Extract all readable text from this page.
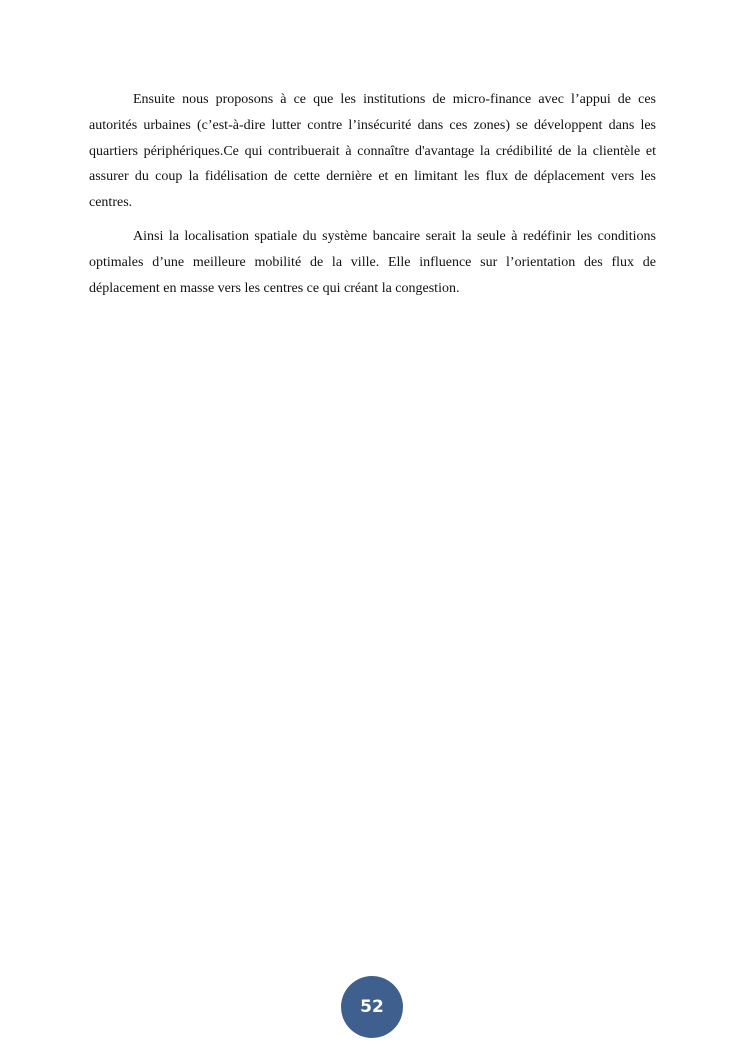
Ensuite nous proposons à ce que les institutions de micro-finance avec l’appui de ces autorités urbaines (c’est-à-dire lutter contre l’insécurité dans ces zones) se développent dans les quartiers périphériques.Ce qui contribuerait à connaître d'avantage la crédibilité de la clientèle et assurer du coup la fidélisation de cette dernière et en limitant les flux de déplacement vers les centres.

Ainsi la localisation spatiale du système bancaire serait la seule à redéfinir les conditions optimales d’une meilleure mobilité de la ville. Elle influence sur l’orientation des flux de déplacement en masse vers les centres ce qui créant la congestion.

52
